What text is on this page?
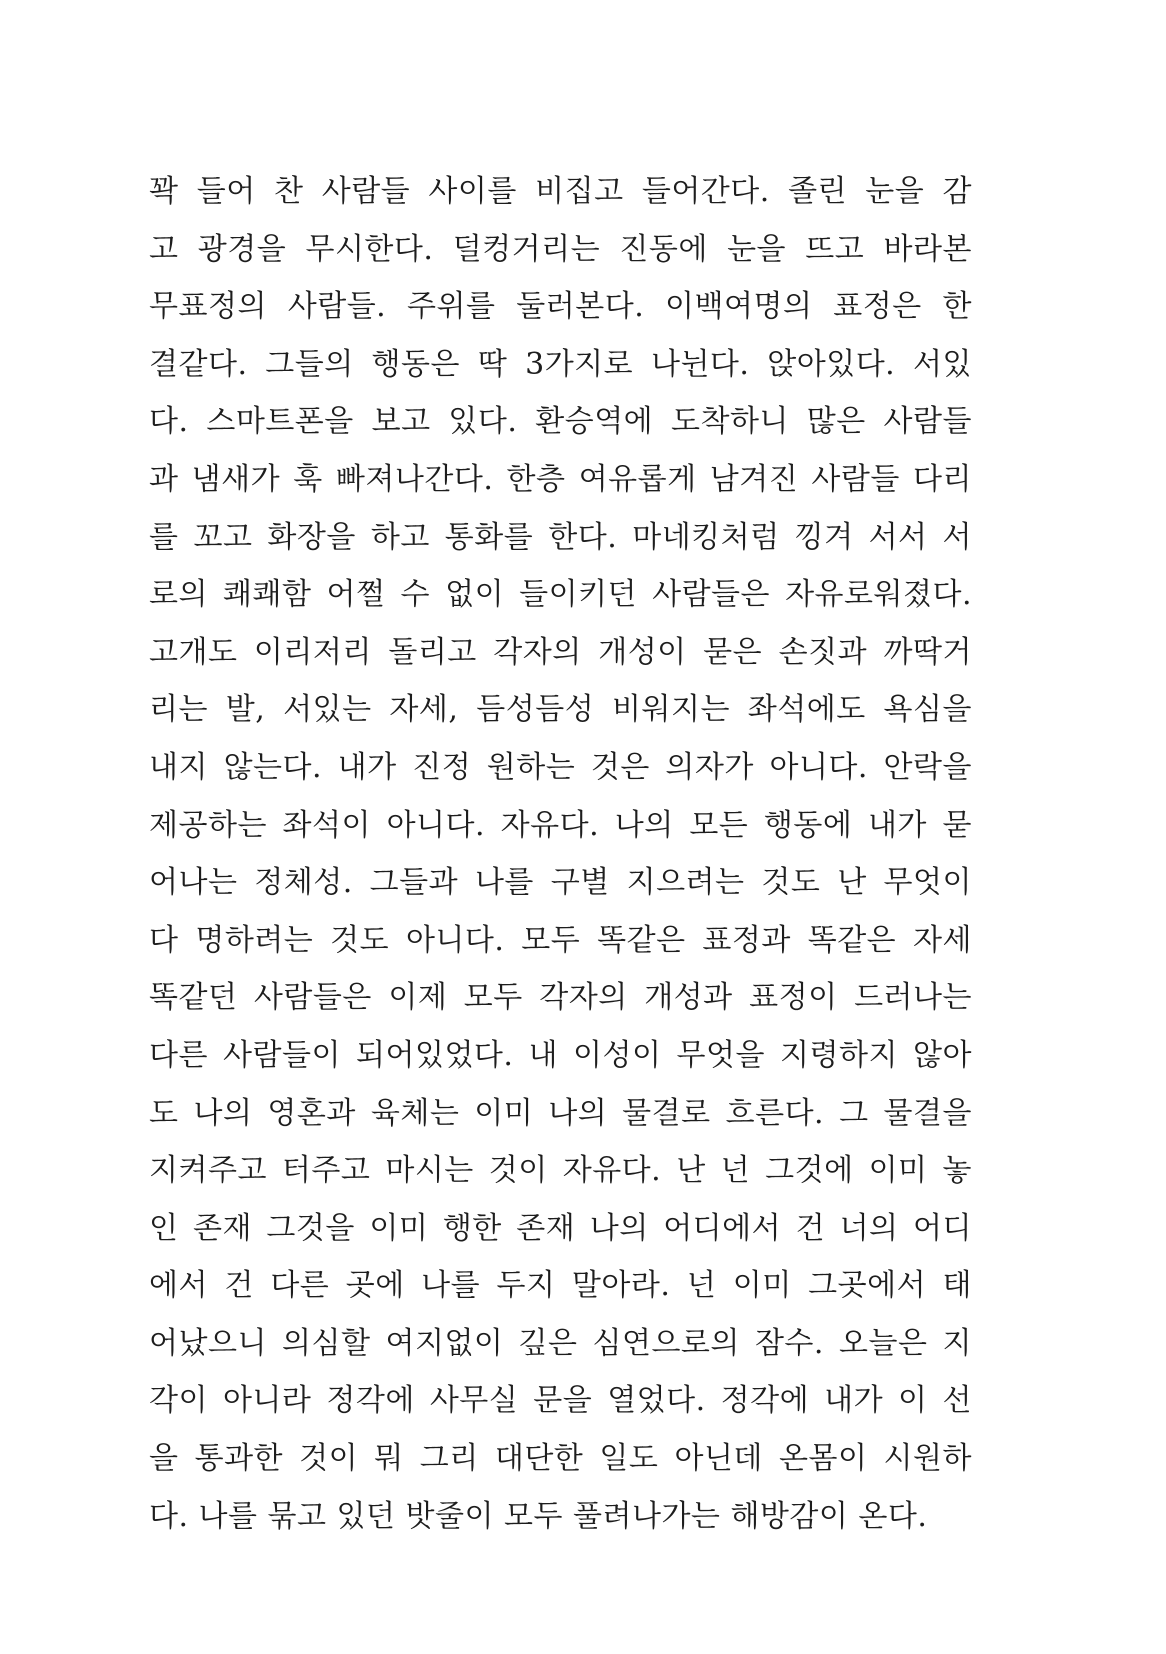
꽉 들어 찬 사람들 사이를 비집고 들어간다. 졸린 눈을 감
고 광경을 무시한다. 덜컹거리는 진동에 눈을 뜨고 바라본
무표정의 사람들. 주위를 둘러본다. 이백여명의 표정은 한
결같다. 그들의 행동은 딱 3가지로 나뉜다. 앉아있다. 서있
다. 스마트폰을 보고 있다. 환승역에 도착하니 많은 사람들
과 냄새가 훅 빠져나간다. 한층 여유롭게 남겨진 사람들 다리
를 꼬고 화장을 하고 통화를 한다. 마네킹처럼 낑겨 서서 서
로의 쾌쾌함 어쩔 수 없이 들이키던 사람들은 자유로워졌다.
고개도 이리저리 돌리고 각자의 개성이 묻은 손짓과 까딱거
리는 발, 서있는 자세, 듬성듬성 비워지는 좌석에도 욕심을
내지 않는다. 내가 진정 원하는 것은 의자가 아니다. 안락을
제공하는 좌석이 아니다. 자유다. 나의 모든 행동에 내가 묻
어나는 정체성. 그들과 나를 구별 지으려는 것도 난 무엇이
다 명하려는 것도 아니다. 모두 똑같은 표정과 똑같은 자세
똑같던 사람들은 이제 모두 각자의 개성과 표정이 드러나는
다른 사람들이 되어있었다. 내 이성이 무엇을 지령하지 않아
도 나의 영혼과 육체는 이미 나의 물결로 흐른다. 그 물결을
지켜주고 터주고 마시는 것이 자유다. 난 넌 그것에 이미 놓
인 존재 그것을 이미 행한 존재 나의 어디에서 건 너의 어디
에서 건 다른 곳에 나를 두지 말아라. 넌 이미 그곳에서 태
어났으니 의심할 여지없이 깊은 심연으로의 잠수. 오늘은 지
각이 아니라 정각에 사무실 문을 열었다. 정각에 내가 이 선
을 통과한 것이 뭐 그리 대단한 일도 아닌데 온몸이 시원하
다. 나를 묶고 있던 밧줄이 모두 풀려나가는 해방감이 온다.
